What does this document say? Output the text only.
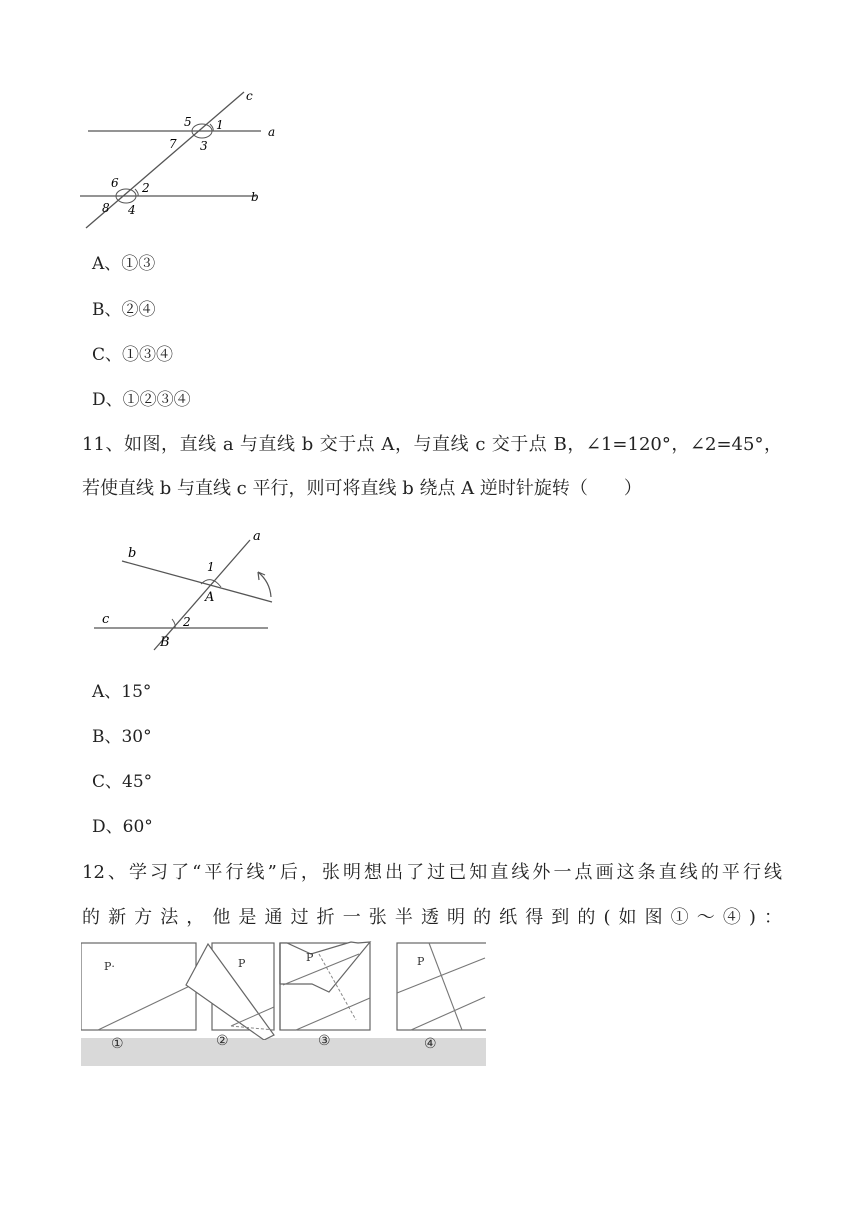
c
a
b
5 1
7 3
6 2
8 4
A、①③
B、②④
C、①③④
D、①②③④
11、如图，直线 a 与直线 b 交于点 A，与直线 c 交于点 B，∠1=120°，∠2=45°，
若使直线 b 与直线 c 平行，则可将直线 b 绕点 A 逆时针旋转（　　）
b
a
c
1
A
2
B
A、15°
B、30°
C、45°
D、60°
12、学习了“平行线”后，张明想出了过已知直线外一点画这条直线的平行线
的新方法，他是通过折一张半透明的纸得到的(如图①～④)：
P·	P	P	P
①	②	③	④
